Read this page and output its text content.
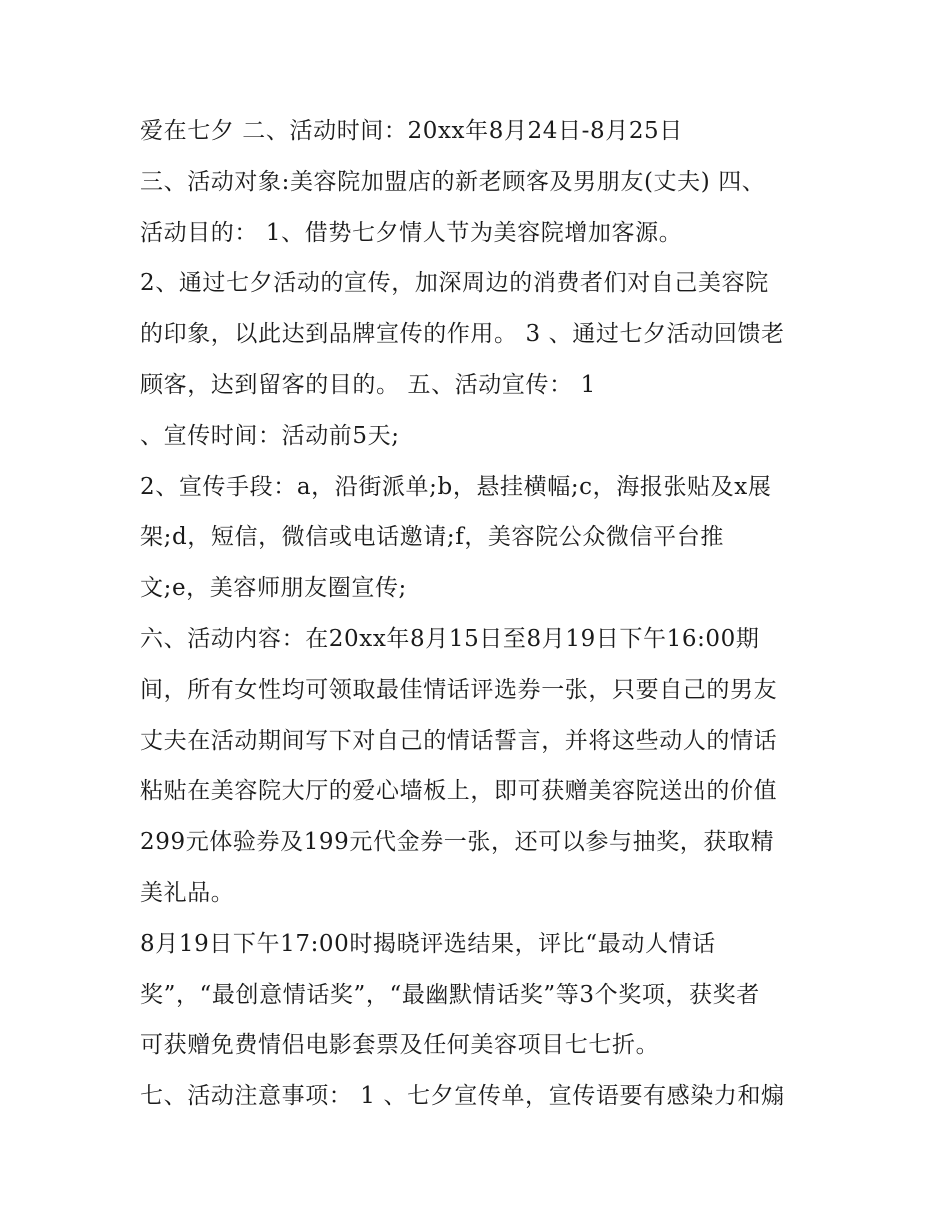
爱在七夕 二、活动时间：20xx年8月24日-8月25日
三、活动对象:美容院加盟店的新老顾客及男朋友(丈夫) 四、
活动目的： 1、借势七夕情人节为美容院增加客源。
2、通过七夕活动的宣传，加深周边的消费者们对自己美容院
的印象，以此达到品牌宣传的作用。 3 、通过七夕活动回馈老
顾客，达到留客的目的。 五、活动宣传： 1
、宣传时间：活动前5天;
2、宣传手段：a，沿街派单;b，悬挂横幅;c，海报张贴及x展
架;d，短信，微信或电话邀请;f，美容院公众微信平台推
文;e，美容师朋友圈宣传;
六、活动内容：在20xx年8月15日至8月19日下午16:00期
间，所有女性均可领取最佳情话评选券一张，只要自己的男友
丈夫在活动期间写下对自己的情话誓言，并将这些动人的情话
粘贴在美容院大厅的爱心墙板上，即可获赠美容院送出的价值
299元体验券及199元代金券一张，还可以参与抽奖，获取精
美礼品。
8月19日下午17:00时揭晓评选结果，评比“最动人情话
奖”，“最创意情话奖”，“最幽默情话奖”等3个奖项，获奖者
可获赠免费情侣电影套票及任何美容项目七七折。
七、活动注意事项： 1 、七夕宣传单，宣传语要有感染力和煽
